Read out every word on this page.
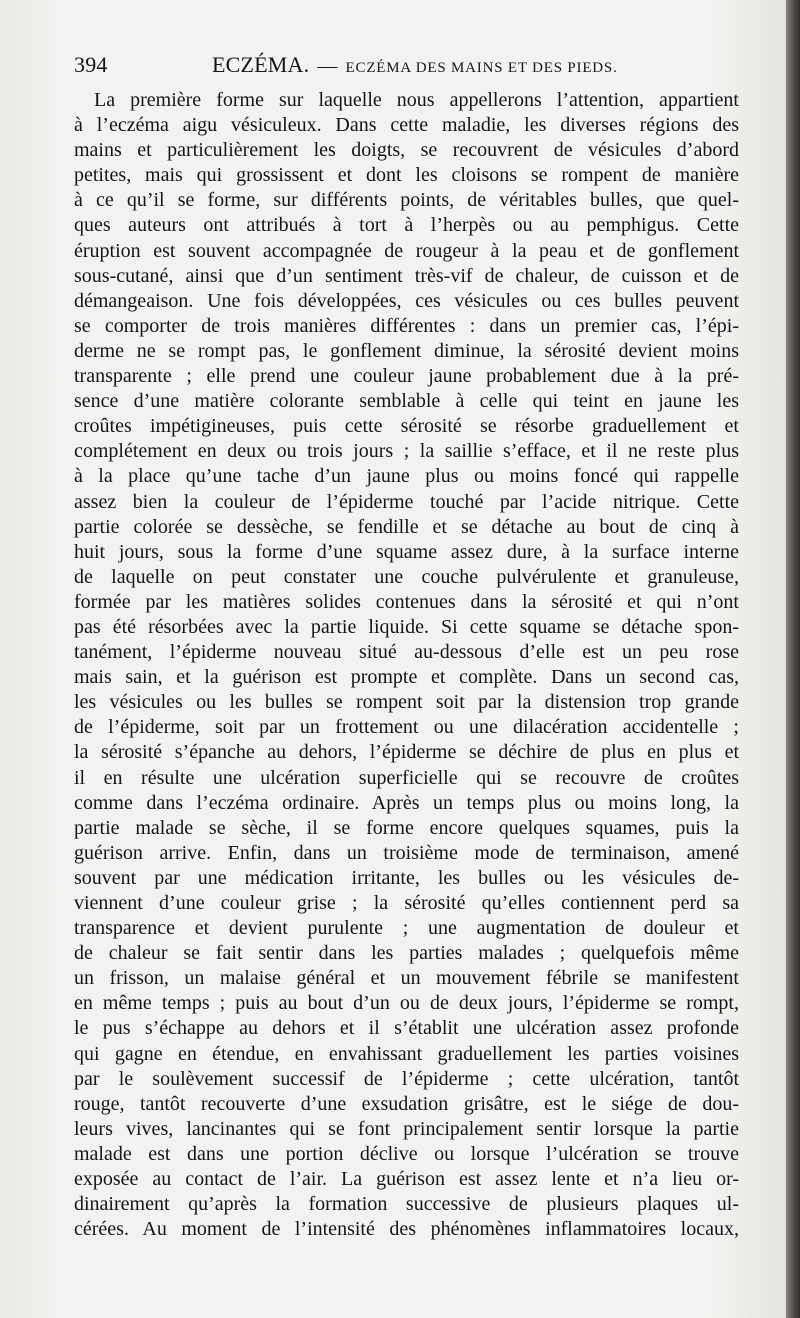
394	ECZÉMA. — ECZÉMA DES MAINS ET DES PIEDS.
La première forme sur laquelle nous appellerons l’attention, appartient
à l’eczéma aigu vésiculeux. Dans cette maladie, les diverses régions des
mains et particulièrement les doigts, se recouvrent de vésicules d’abord
petites, mais qui grossissent et dont les cloisons se rompent de manière
à ce qu’il se forme, sur différents points, de véritables bulles, que quel-
ques auteurs ont attribués à tort à l’herpès ou au pemphigus. Cette
éruption est souvent accompagnée de rougeur à la peau et de gonflement
sous-cutané, ainsi que d’un sentiment très-vif de chaleur, de cuisson et de
démangeaison. Une fois développées, ces vésicules ou ces bulles peuvent
se comporter de trois manières différentes : dans un premier cas, l’épi-
derme ne se rompt pas, le gonflement diminue, la sérosité devient moins
transparente ; elle prend une couleur jaune probablement due à la pré-
sence d’une matière colorante semblable à celle qui teint en jaune les
croûtes impétigineuses, puis cette sérosité se résorbe graduellement et
complétement en deux ou trois jours ; la saillie s’efface, et il ne reste plus
à la place qu’une tache d’un jaune plus ou moins foncé qui rappelle
assez bien la couleur de l’épiderme touché par l’acide nitrique. Cette
partie colorée se dessèche, se fendille et se détache au bout de cinq à
huit jours, sous la forme d’une squame assez dure, à la surface interne
de laquelle on peut constater une couche pulvérulente et granuleuse,
formée par les matières solides contenues dans la sérosité et qui n’ont
pas été résorbées avec la partie liquide. Si cette squame se détache spon-
tanément, l’épiderme nouveau situé au-dessous d’elle est un peu rose
mais sain, et la guérison est prompte et complète. Dans un second cas,
les vésicules ou les bulles se rompent soit par la distension trop grande
de l’épiderme, soit par un frottement ou une dilacération accidentelle ;
la sérosité s’épanche au dehors, l’épiderme se déchire de plus en plus et
il en résulte une ulcération superficielle qui se recouvre de croûtes
comme dans l’eczéma ordinaire. Après un temps plus ou moins long, la
partie malade se sèche, il se forme encore quelques squames, puis la
guérison arrive. Enfin, dans un troisième mode de terminaison, amené
souvent par une médication irritante, les bulles ou les vésicules de-
viennent d’une couleur grise ; la sérosité qu’elles contiennent perd sa
transparence et devient purulente ; une augmentation de douleur et
de chaleur se fait sentir dans les parties malades ; quelquefois même
un frisson, un malaise général et un mouvement fébrile se manifestent
en même temps ; puis au bout d’un ou de deux jours, l’épiderme se rompt,
le pus s’échappe au dehors et il s’établit une ulcération assez profonde
qui gagne en étendue, en envahissant graduellement les parties voisines
par le soulèvement successif de l’épiderme ; cette ulcération, tantôt
rouge, tantôt recouverte d’une exsudation grisâtre, est le siége de dou-
leurs vives, lancinantes qui se font principalement sentir lorsque la partie
malade est dans une portion déclive ou lorsque l’ulcération se trouve
exposée au contact de l’air. La guérison est assez lente et n’a lieu or-
dinairement qu’après la formation successive de plusieurs plaques ul-
cérées. Au moment de l’intensité des phénomènes inflammatoires locaux,
